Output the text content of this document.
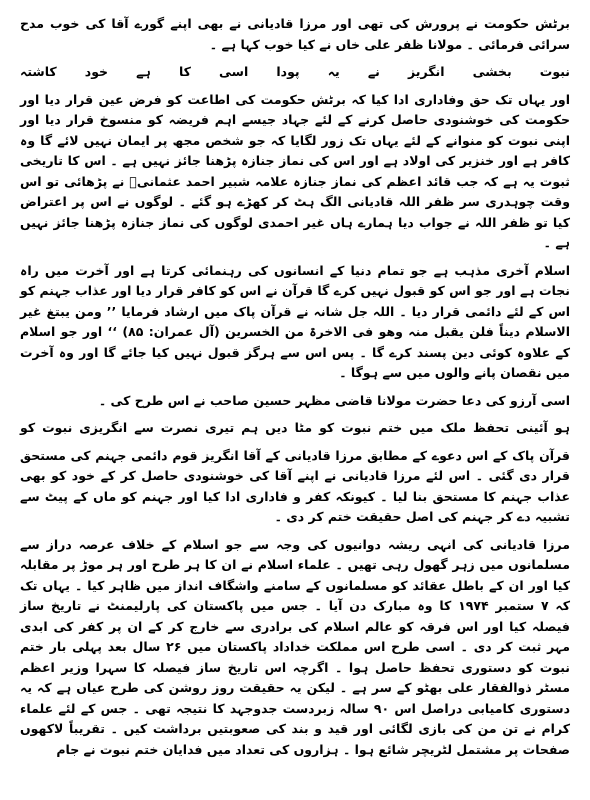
برٹش حکومت نے پرورش کی تھی اور مرزا قادیانی نے بھی اپنے گورے آقا کی خوب مدح سرائی فرمائی ۔ مولانا ظفر علی خاں نے کیا خوب کہا ہے ۔

نبوت بخشی انگریز نے یہ پودا اسی کا ہے خود کاشتہ

اور یہاں تک حق وفاداری ادا کیا کہ برٹش حکومت کی اطاعت کو فرض عین قرار دیا اور حکومت کی خوشنودی حاصل کرنے کے لئے جہاد جیسے اہم فریضہ کو منسوخ قرار دیا اور اپنی نبوت کو منوانے کے لئے یہاں تک زور لگایا کہ جو شخص مجھ پر ایمان نہیں لائے گا وہ کافر ہے اور خنزیر کی اولاد ہے اور اس کی نماز جنازہ پڑھنا جائز نہیں ہے ۔ اس کا تاریخی ثبوت یہ ہے کہ جب قائد اعظم کی نماز جنازہ علامہ شبیر احمد عثمانیؒ نے پڑھائی تو اس وقت چوہدری سر ظفر اللہ قادیانی الگ ہٹ کر کھڑے ہو گئے ۔ لوگوں نے اس پر اعتراض کیا تو ظفر اللہ نے جواب دیا ہمارے ہاں غیر احمدی لوگوں کی نماز جنازہ پڑھنا جائز نہیں ہے ۔

اسلام آخری مذہب ہے جو تمام دنیا کے انسانوں کی رہنمائی کرتا ہے اور آخرت میں راہ نجات ہے اور جو اس کو قبول نہیں کرے گا قرآن نے اس کو کافر قرار دیا اور عذاب جہنم کو اس کے لئے دائمی قرار دیا ۔ اللہ جل شانہ نے قرآن پاک میں ارشاد فرمایا ’’ ومن یبتغ غیر الاسلام دیناً فلن یقبل منہ وھو فی الاخرۃ من الخسرین (آل عمران: ۸۵) ‘‘ اور جو اسلام کے علاوہ کوئی دین پسند کرے گا ۔ پس اس سے ہرگز قبول نہیں کیا جائے گا اور وہ آخرت میں نقصان پانے والوں میں سے ہوگا ۔

اسی آرزو کی دعا حضرت مولانا قاضی مظہر حسین صاحب نے اس طرح کی ۔

ہو آئینی تحفظ ملک میں ختم نبوت کو مٹا دیں ہم تیری نصرت سے انگریزی نبوت کو

قرآن پاک کے اس دعوے کے مطابق مرزا قادیانی کے آقا انگریز قوم دائمی جہنم کی مستحق قرار دی گئی ۔ اس لئے مرزا قادیانی نے اپنے آقا کی خوشنودی حاصل کر کے خود کو بھی عذاب جہنم کا مستحق بنا لیا ۔ کیونکہ کفر و فاداری ادا کیا اور جہنم کو ماں کے پیٹ سے تشبیہ دے کر جہنم کی اصل حقیقت ختم کر دی ۔

مرزا قادیانی کی انہی ریشہ دوانیوں کی وجہ سے جو اسلام کے خلاف عرصہ دراز سے مسلمانوں میں زہر گھول رہی تھیں ۔ علماء اسلام نے ان کا ہر طرح اور ہر موڑ پر مقابلہ کیا اور ان کے باطل عقائد کو مسلمانوں کے سامنے واشگاف انداز میں ظاہر کیا ۔ یہاں تک کہ ۷ ستمبر ۱۹۷۴ کا وہ مبارک دن آیا ۔ جس میں پاکستان کی پارلیمنٹ نے تاریخ ساز فیصلہ کیا اور اس فرقہ کو عالم اسلام کی برادری سے خارج کر کے ان پر کفر کی ابدی مہر ثبت کر دی ۔ اسی طرح اس مملکت خداداد پاکستان میں ۲۶ سال بعد پہلی بار ختم نبوت کو دستوری تحفظ حاصل ہوا ۔ اگرچہ اس تاریخ ساز فیصلہ کا سہرا وزیر اعظم مسٹر ذوالفقار علی بھٹو کے سر ہے ۔ لیکن یہ حقیقت روز روشن کی طرح عیاں ہے کہ یہ دستوری کامیابی دراصل اس ۹۰ سالہ زبردست جدوجہد کا نتیجہ تھی ۔ جس کے لئے علماء کرام نے تن من کی بازی لگائی اور قید و بند کی صعوبتیں برداشت کیں ۔ تقریباً لاکھوں صفحات پر مشتمل لٹریچر شائع ہوا ۔ ہزاروں کی تعداد میں فدایان ختم نبوت نے جام
